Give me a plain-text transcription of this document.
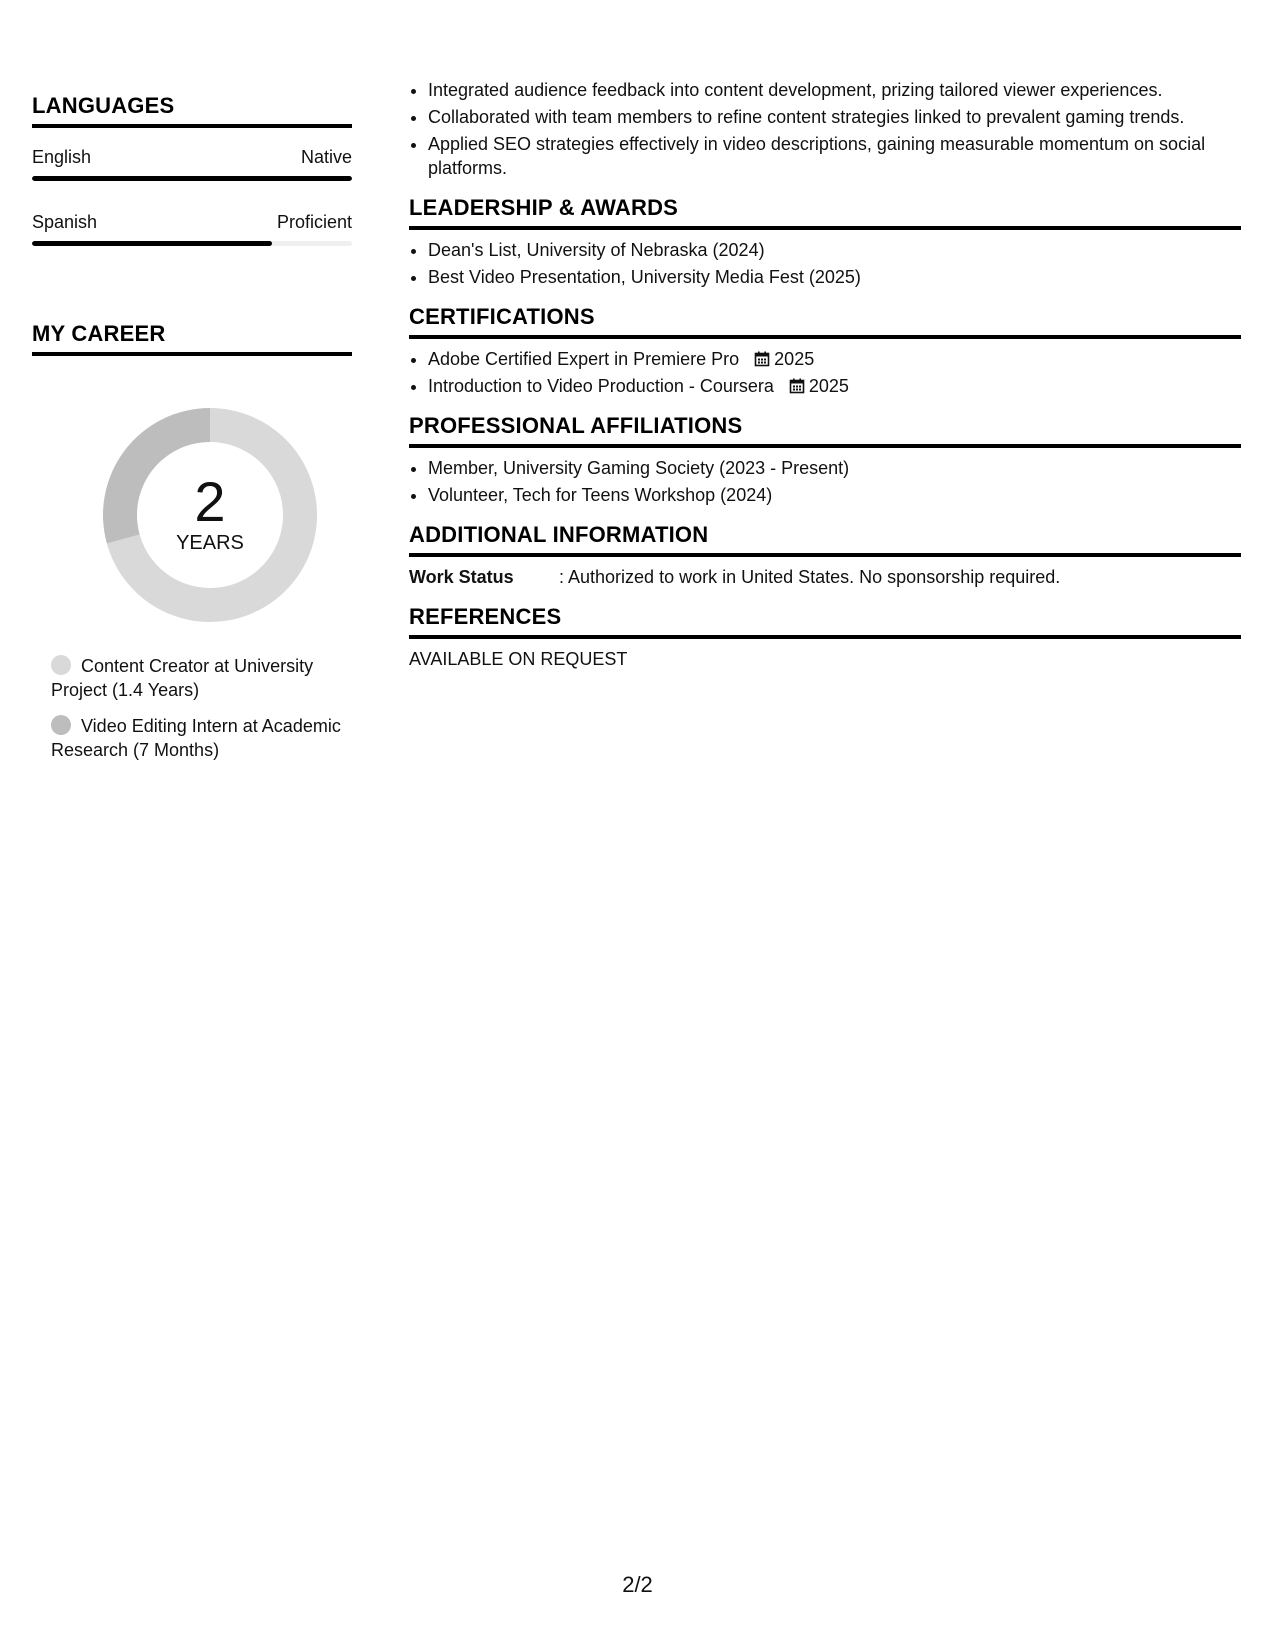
LANGUAGES
English	Native
Spanish	Proficient
MY CAREER
2
YEARS
Content Creator at University Project (1.4 Years)
Video Editing Intern at Academic Research (7 Months)
• Integrated audience feedback into content development, prizing tailored viewer experiences.
• Collaborated with team members to refine content strategies linked to prevalent gaming trends.
• Applied SEO strategies effectively in video descriptions, gaining measurable momentum on social platforms.
LEADERSHIP & AWARDS
• Dean's List, University of Nebraska (2024)
• Best Video Presentation, University Media Fest (2025)
CERTIFICATIONS
• Adobe Certified Expert in Premiere Pro 2025
• Introduction to Video Production - Coursera 2025
PROFESSIONAL AFFILIATIONS
• Member, University Gaming Society (2023 - Present)
• Volunteer, Tech for Teens Workshop (2024)
ADDITIONAL INFORMATION
Work Status	: Authorized to work in United States. No sponsorship required.
REFERENCES
AVAILABLE ON REQUEST
2/2
